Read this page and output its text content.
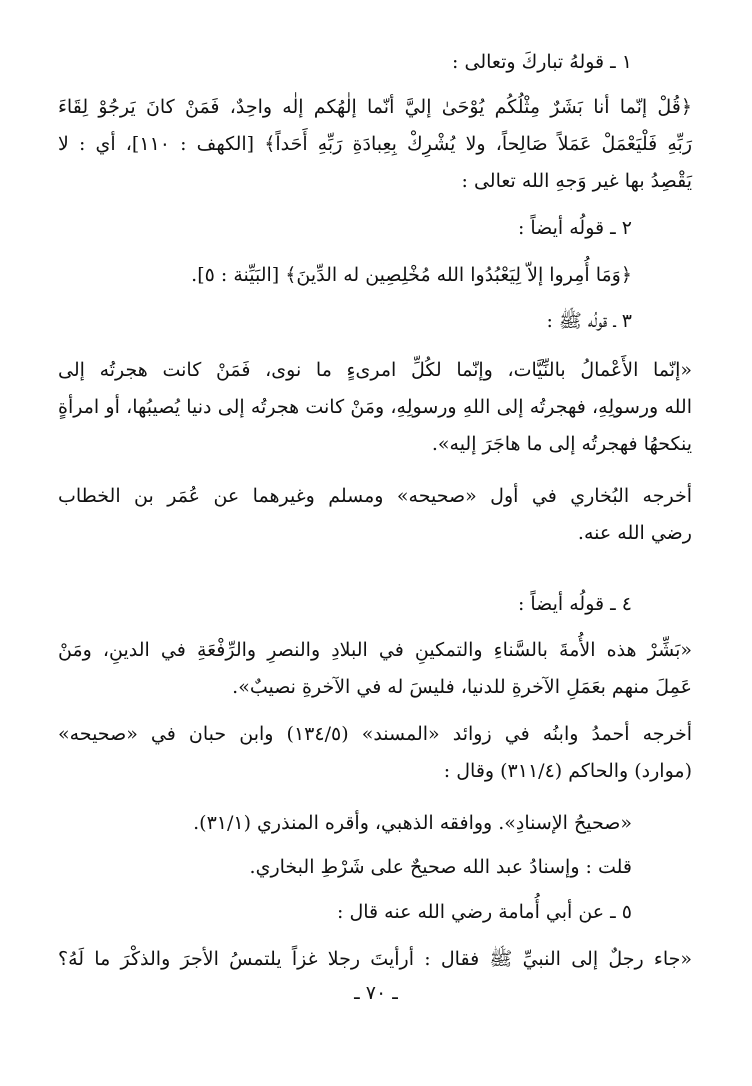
١ ـ قولهُ تباركَ وتعالى :
﴿قُلْ إنّما أنا بَشَرٌ مِثْلُكُم يُوْحَىٰ إليَّ أنّما إلٰهُكم إلٰه واحِدٌ، فَمَنْ كانَ يَرجُوْ لِقَاءَ
رَبِّهِ فَلْيَعْمَلْ عَمَلاً صَالِحاً، ولا يُشْرِكْ بِعِبادَةِ رَبِّهِ أَحَداً﴾ [الكهف : ١١٠]، أي : لا
يَقْصِدُ بها غير وَجهِ الله تعالى :
٢ ـ قولُه أيضاً :
﴿وَمَا أُمِروا إلاّ لِيَعْبُدُوا الله مُخْلِصِين له الدِّينَ﴾ [البَيِّنة : ٥].
٣ ـ قولُه ﷺ :
«إنّما الأَعْمالُ بالنِّيَّات، وإنّما لكُلِّ امرىءٍ ما نوى، فَمَنْ كانت هجرتُه إلى
الله ورسولِهِ، فهجرتُه إلى اللهِ ورسولِهِ، ومَنْ كانت هجرتُه إلى دنيا يُصيبُها، أو امرأةٍ
ينكحهُا فهجرتُه إلى ما هاجَرَ إليه».
أخرجه البُخاري في أول «صحيحه» ومسلم وغيرهما عن عُمَر بن الخطاب
رضي الله عنه.
٤ ـ قولُه أيضاً :
«بَشِّرْ هذه الأُمةَ بالسَّناءِ والتمكينِ في البلادِ والنصرِ والرِّفْعَةِ في الدينِ، ومَنْ
عَمِلَ منهم بعَمَلِ الآخرةِ للدنيا، فليسَ له في الآخرةِ نصيبٌ».
أخرجه أحمدُ وابنُه في زوائد «المسند» (١٣٤/٥) وابن حبان في «صحيحه»
(موارد) والحاكم (٣١١/٤) وقال :
«صحيحُ الإسنادِ». ووافقه الذهبي، وأقره المنذري (٣١/١).
قلت : وإسنادُ عبد الله صحيحٌ على شَرْطِ البخاري.
٥ ـ عن أبي أُمامة رضي الله عنه قال :
«جاء رجلٌ إلى النبيِّ ﷺ فقال : أرأيتَ رجلا غزاً يلتمسُ الأجرَ والذكْرَ ما لَهُ؟
ـ ٧٠ ـ
